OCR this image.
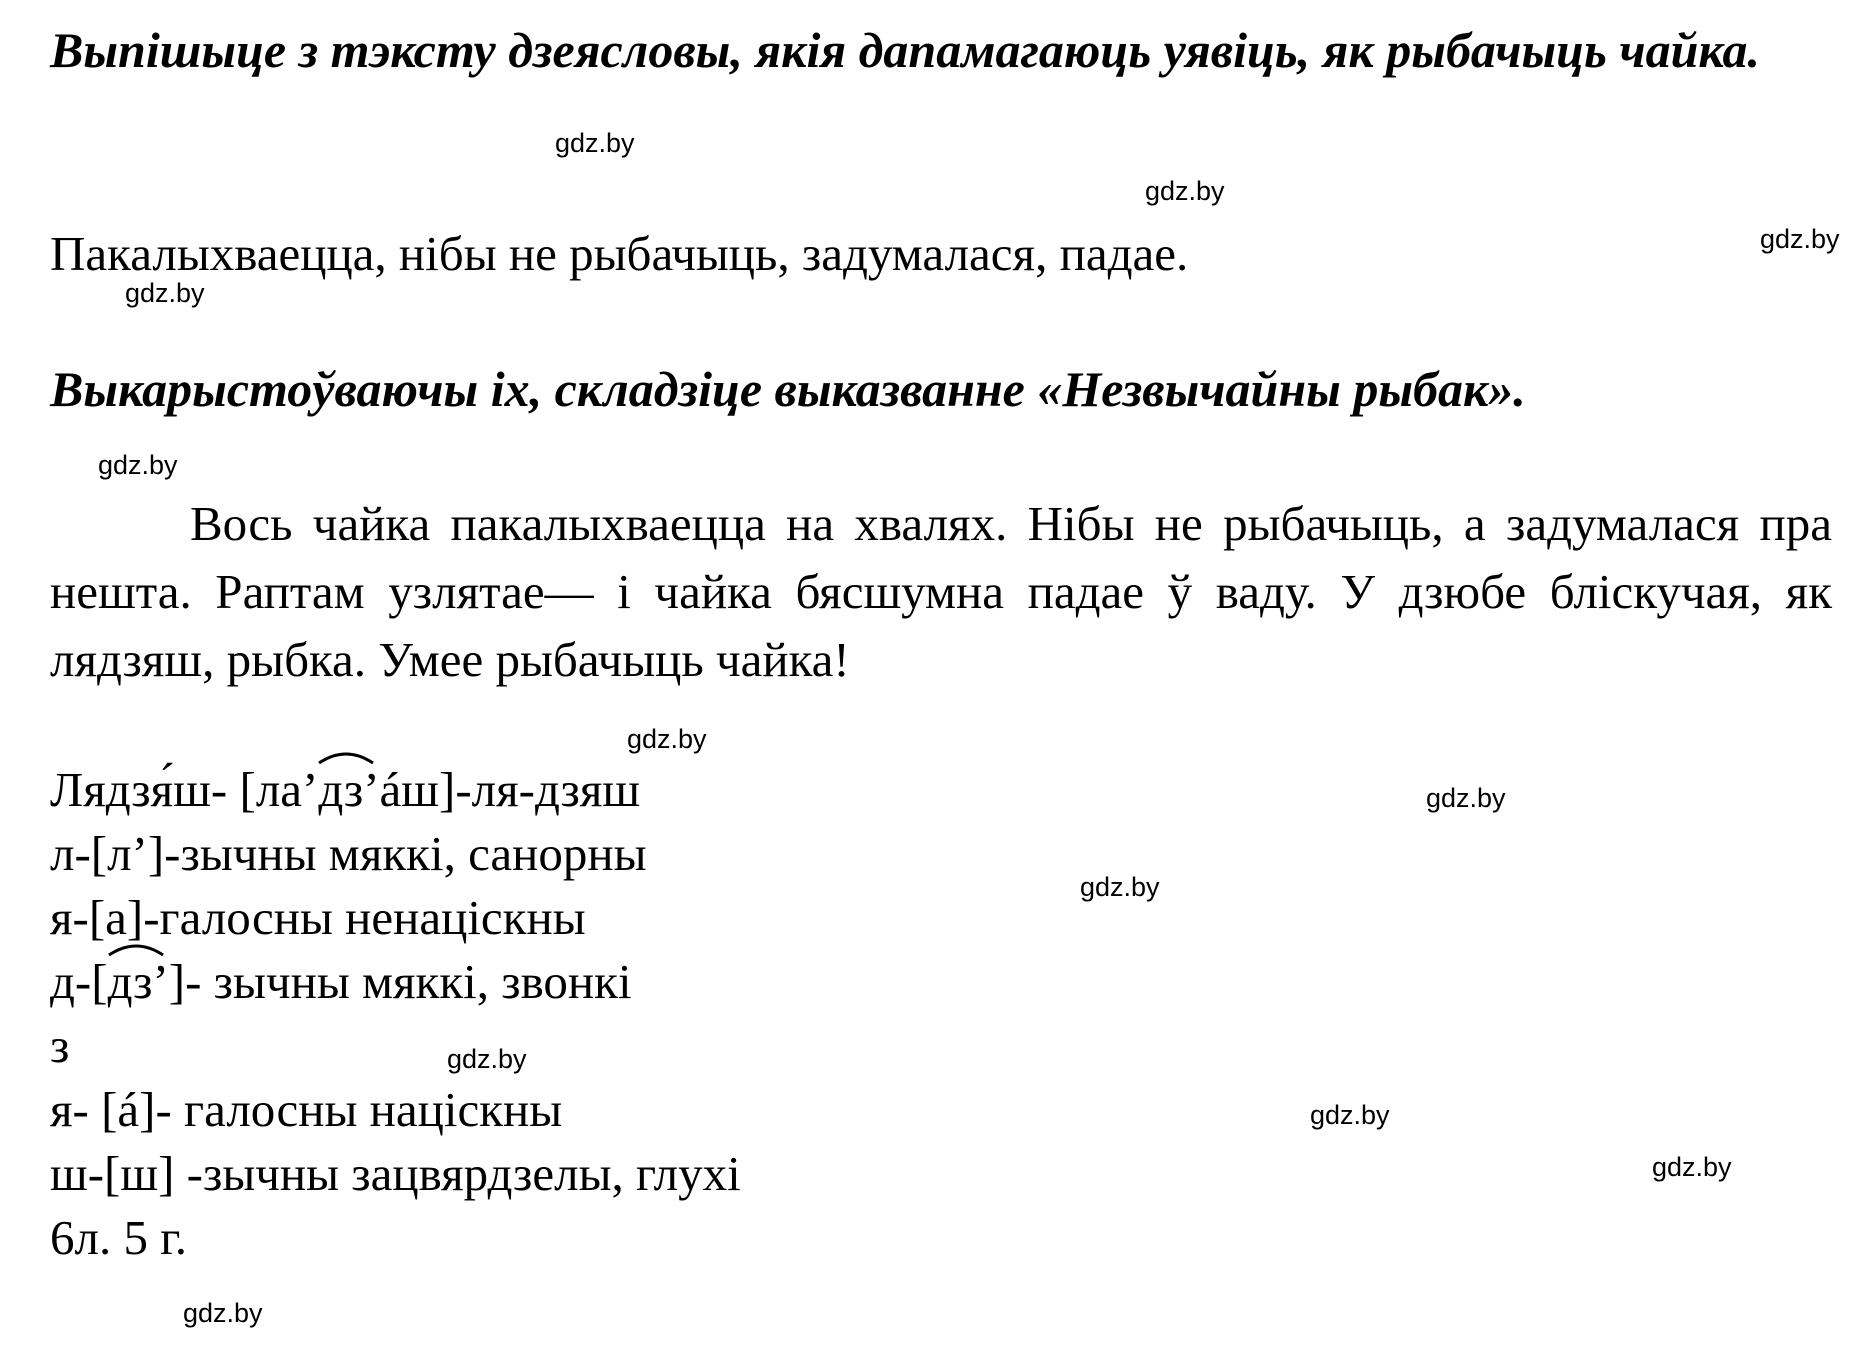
Выпішыце з тэксту дзеясловы, якія дапамагаюць уявіць, як рыбачыць чайка.

Пакалыхваецца, нібы не рыбачыць, задумалася, падае.

Выкарыстоўваючы іх, складзіце выказванне «Незвычайны рыбак».

Вось чайка пакалыхваецца на хвалях. Нібы не рыбачыць, а задумалася пра нешта. Раптам узлятае— і чайка бясшумна падае ў ваду. У дзюбе бліскучая, як лядзяш, рыбка. Умее рыбачыць чайка!

Лядзя́ш- [ла’
дз’áш]-ля-дзяш
л-[л’]-зычны мяккі, санорны
я-[а]-галосны ненацiскны
д-[
дз’]- зычны мяккі, звонкі
з
я- [á]- галосны нацiскны
ш-[ш] -зычны зацвярдзелы, глухі
6л. 5 г.
gdz.by
gdz.by
gdz.by
gdz.by
gdz.by
gdz.by
gdz.by
gdz.by
gdz.by
gdz.by
gdz.by
gdz.by
